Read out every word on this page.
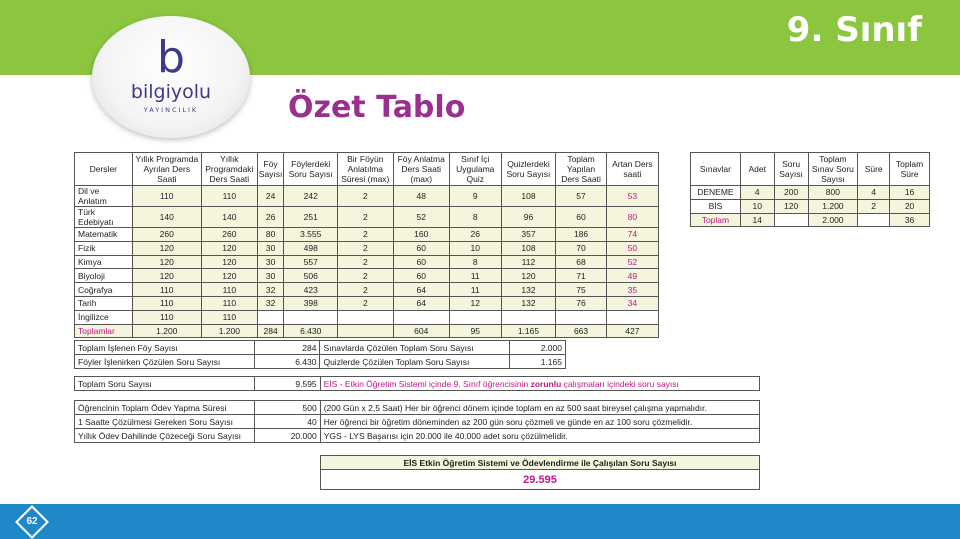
9. Sınıf
b
bilgiyolu
YAYINCILIK	Özet Tablo
Dersler	Yıllık Programda Ayrılan Ders Saati	Yıllık Programdaki Ders Saati	Föy Sayısı	Föylerdeki Soru Sayısı	Bir Föyün Anlatılma Süresi (max)	Föy Anlatma Ders Saati (max)	Sınıf İçi Uygulama Quiz	Quizlerdeki Soru Sayısı	Toplam Yapılan Ders Saati	Artan Ders saati
Dil ve Anlatım	110	110	24	242	2	48	9	108	57	53
Türk Edebiyatı	140	140	26	251	2	52	8	96	60	80
Matematik	260	260	80	3.555	2	160	26	357	186	74
Fizik	120	120	30	498	2	60	10	108	70	50
Kimya	120	120	30	557	2	60	8	112	68	52
Biyoloji	120	120	30	506	2	60	11	120	71	49
Coğrafya	110	110	32	423	2	64	11	132	75	35
Tarih	110	110	32	398	2	64	12	132	76	34
İngilizce	110	110								
Toplamlar	1.200	1.200	284	6.430		604	95	1.165	663	427
Sınavlar	Adet	Soru Sayısı	Toplam Sınav Soru Sayısı	Süre	Toplam Süre
DENEME	4	200	800	4	16
BİS	10	120	1.200	2	20
Toplam	14		2.000		36
Toplam İşlenen Föy Sayısı	284	Sınavlarda Çözülen Toplam Soru Sayısı	2.000
Föyler İşlenirken Çözülen Soru Sayısı	6.430	Quizlerde Çözülen Toplam Soru Sayısı	1.165
Toplam Soru Sayısı	9.595	EİS - Etkin Öğretim Sistemi içinde 9. Sınıf öğrencisinin zorunlu çalışmaları içindeki soru sayısı
Öğrencinin Toplam Ödev Yapma Süresi	500	(200 Gün x 2,5 Saat) Her bir öğrenci dönem içinde toplam en az 500 saat bireysel çalışma yapmalıdır.
1 Saatte Çözülmesi Gereken Soru Sayısı	40	Her öğrenci bir öğretim döneminden az 200 gün soru çözmeli ve günde en az 100 soru çözmelidir.
Yıllık Ödev Dahilinde Çözeceği Soru Sayısı	20.000	YGS - LYS Başarısı için 20.000 ile 40.000 adet soru çözülmelidir.
EİS Etkin Öğretim Sistemi ve Ödevlendirme ile Çalışılan Soru Sayısı
29.595
62
